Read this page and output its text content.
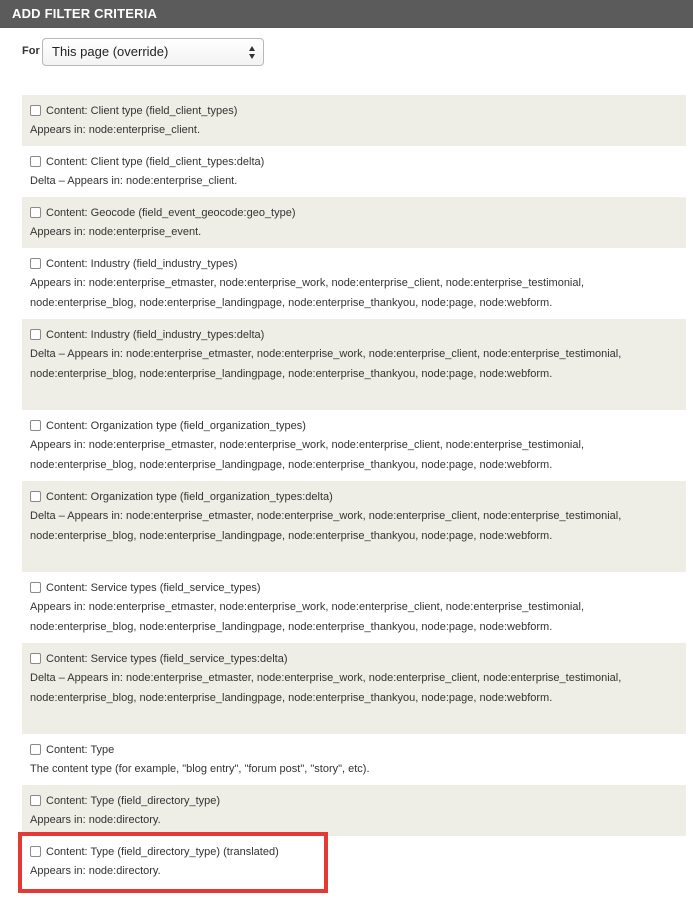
ADD FILTER CRITERIA
For This page (override)
Content: Client type (field_client_types)
Appears in: node:enterprise_client.
Content: Client type (field_client_types:delta)
Delta – Appears in: node:enterprise_client.
Content: Geocode (field_event_geocode:geo_type)
Appears in: node:enterprise_event.
Content: Industry (field_industry_types)
Appears in: node:enterprise_etmaster, node:enterprise_work, node:enterprise_client, node:enterprise_testimonial, node:enterprise_blog, node:enterprise_landingpage, node:enterprise_thankyou, node:page, node:webform.
Content: Industry (field_industry_types:delta)
Delta – Appears in: node:enterprise_etmaster, node:enterprise_work, node:enterprise_client, node:enterprise_testimonial, node:enterprise_blog, node:enterprise_landingpage, node:enterprise_thankyou, node:page, node:webform.
Content: Organization type (field_organization_types)
Appears in: node:enterprise_etmaster, node:enterprise_work, node:enterprise_client, node:enterprise_testimonial, node:enterprise_blog, node:enterprise_landingpage, node:enterprise_thankyou, node:page, node:webform.
Content: Organization type (field_organization_types:delta)
Delta – Appears in: node:enterprise_etmaster, node:enterprise_work, node:enterprise_client, node:enterprise_testimonial, node:enterprise_blog, node:enterprise_landingpage, node:enterprise_thankyou, node:page, node:webform.
Content: Service types (field_service_types)
Appears in: node:enterprise_etmaster, node:enterprise_work, node:enterprise_client, node:enterprise_testimonial, node:enterprise_blog, node:enterprise_landingpage, node:enterprise_thankyou, node:page, node:webform.
Content: Service types (field_service_types:delta)
Delta – Appears in: node:enterprise_etmaster, node:enterprise_work, node:enterprise_client, node:enterprise_testimonial, node:enterprise_blog, node:enterprise_landingpage, node:enterprise_thankyou, node:page, node:webform.
Content: Type
The content type (for example, "blog entry", "forum post", "story", etc).
Content: Type (field_directory_type)
Appears in: node:directory.
Content: Type (field_directory_type) (translated)
Appears in: node:directory.
